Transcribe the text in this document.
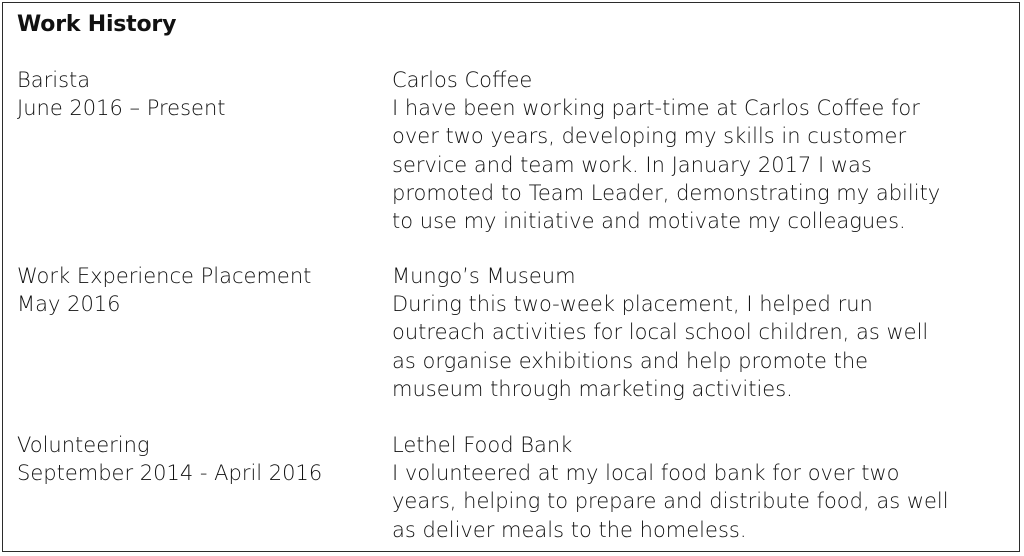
Work History
Barista
June 2016 – Present
Carlos Coffee
I have been working part-time at Carlos Coffee for
over two years, developing my skills in customer
service and team work. In January 2017 I was
promoted to Team Leader, demonstrating my ability
to use my initiative and motivate my colleagues.
Work Experience Placement
May 2016
Mungo’s Museum
During this two-week placement, I helped run
outreach activities for local school children, as well
as organise exhibitions and help promote the
museum through marketing activities.
Volunteering
September 2014 - April 2016
Lethel Food Bank
I volunteered at my local food bank for over two
years, helping to prepare and distribute food, as well
as deliver meals to the homeless.
